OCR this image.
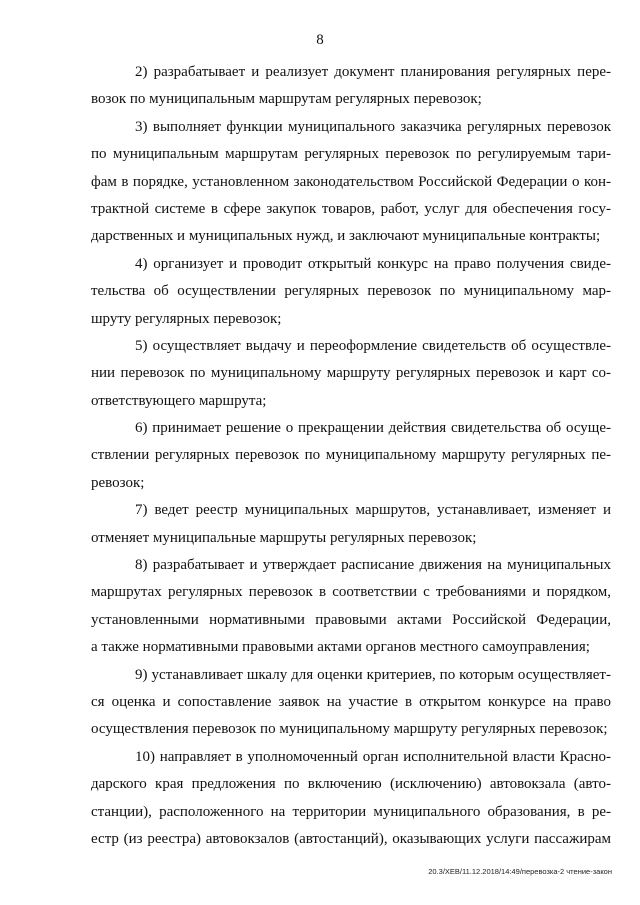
8

2) разрабатывает и реализует документ планирования регулярных пере-
возок по муниципальным маршрутам регулярных перевозок;

3) выполняет функции муниципального заказчика регулярных перевозок
по муниципальным маршрутам регулярных перевозок по регулируемым тари-
фам в порядке, установленном законодательством Российской Федерации о кон-
трактной системе в сфере закупок товаров, работ, услуг для обеспечения госу-
дарственных и муниципальных нужд, и заключают муниципальные контракты;

4) организует и проводит открытый конкурс на право получения свиде-
тельства об осуществлении регулярных перевозок по муниципальному мар-
шруту регулярных перевозок;

5) осуществляет выдачу и переоформление свидетельств об осуществле-
нии перевозок по муниципальному маршруту регулярных перевозок и карт со-
ответствующего маршрута;

6) принимает решение о прекращении действия свидетельства об осуще-
ствлении регулярных перевозок по муниципальному маршруту регулярных пе-
ревозок;

7) ведет реестр муниципальных маршрутов, устанавливает, изменяет и
отменяет муниципальные маршруты регулярных перевозок;

8) разрабатывает и утверждает расписание движения на муниципальных
маршрутах регулярных перевозок в соответствии с требованиями и порядком,
установленными нормативными правовыми актами Российской Федерации,
а также нормативными правовыми актами органов местного самоуправления;

9) устанавливает шкалу для оценки критериев, по которым осуществляет-
ся оценка и сопоставление заявок на участие в открытом конкурсе на право
осуществления перевозок по муниципальному маршруту регулярных перевозок;

10) направляет в уполномоченный орган исполнительной власти Красно-
дарского края предложения по включению (исключению) автовокзала (авто-
станции), расположенного на территории муниципального образования, в ре-
естр (из реестра) автовокзалов (автостанций), оказывающих услуги пассажирам

20.3/ХЕВ/11.12.2018/14:49/перевозка-2 чтение-закон
